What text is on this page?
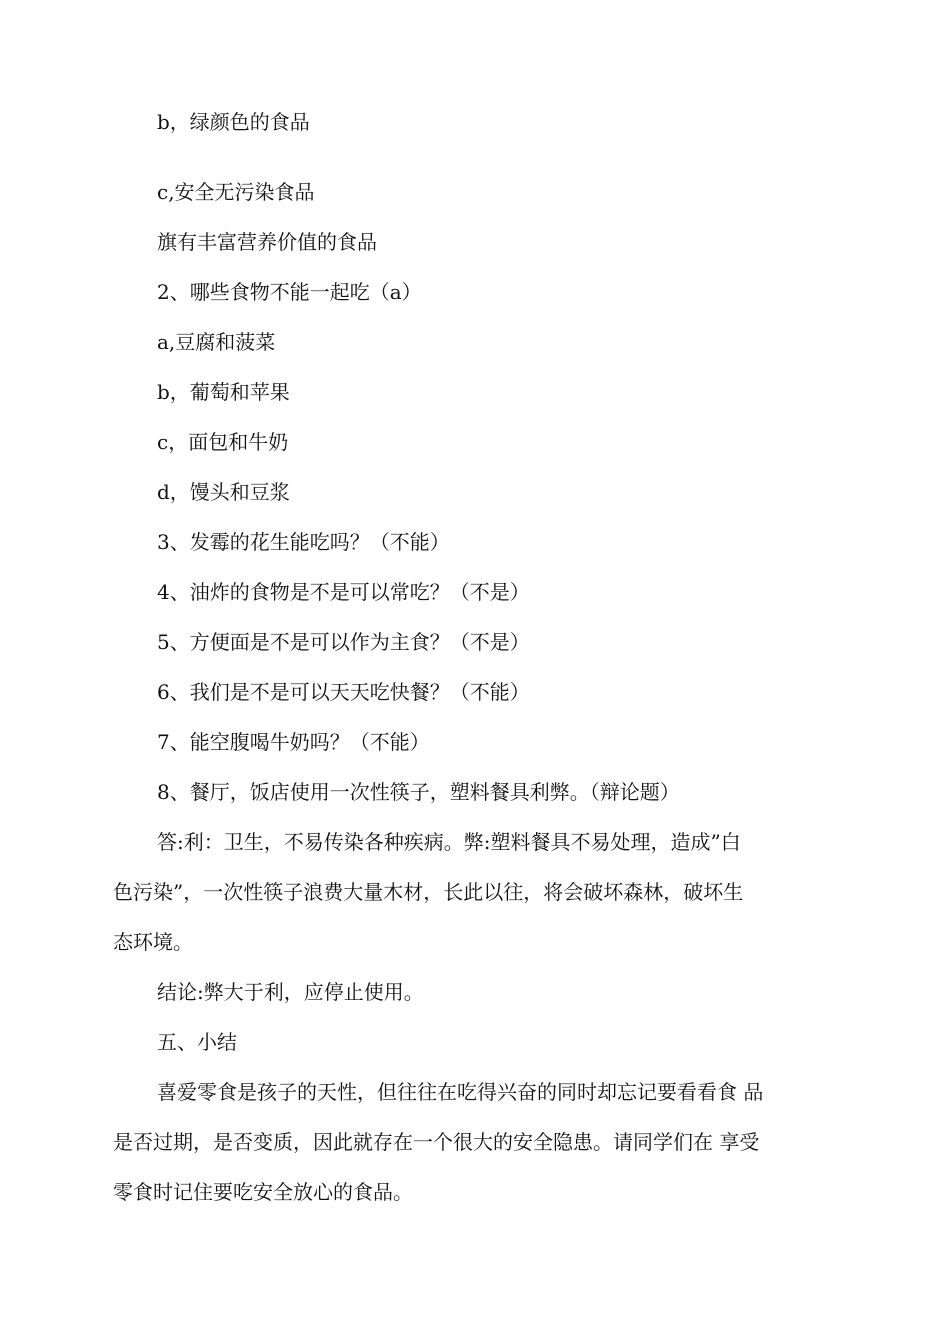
b，绿颜色的食品
c,安全无污染食品
旗有丰富营养价值的食品
2、哪些食物不能一起吃（a）
a,豆腐和菠菜
b，葡萄和苹果
c，面包和牛奶
d，馒头和豆浆
3、发霉的花生能吃吗？（不能）
4、油炸的食物是不是可以常吃？（不是）
5、方便面是不是可以作为主食？（不是）
6、我们是不是可以天天吃快餐？（不能）
7、能空腹喝牛奶吗？（不能）
8、餐厅，饭店使用一次性筷子，塑料餐具利弊。（辩论题）
答:利：卫生，不易传染各种疾病。弊:塑料餐具不易处理，造成”白
色污染”，一次性筷子浪费大量木材，长此以往，将会破坏森林，破坏生
态环境。
结论:弊大于利，应停止使用。
五、小结
喜爱零食是孩子的天性，但往往在吃得兴奋的同时却忘记要看看食 品
是否过期，是否变质，因此就存在一个很大的安全隐患。请同学们在 享受
零食时记住要吃安全放心的食品。
